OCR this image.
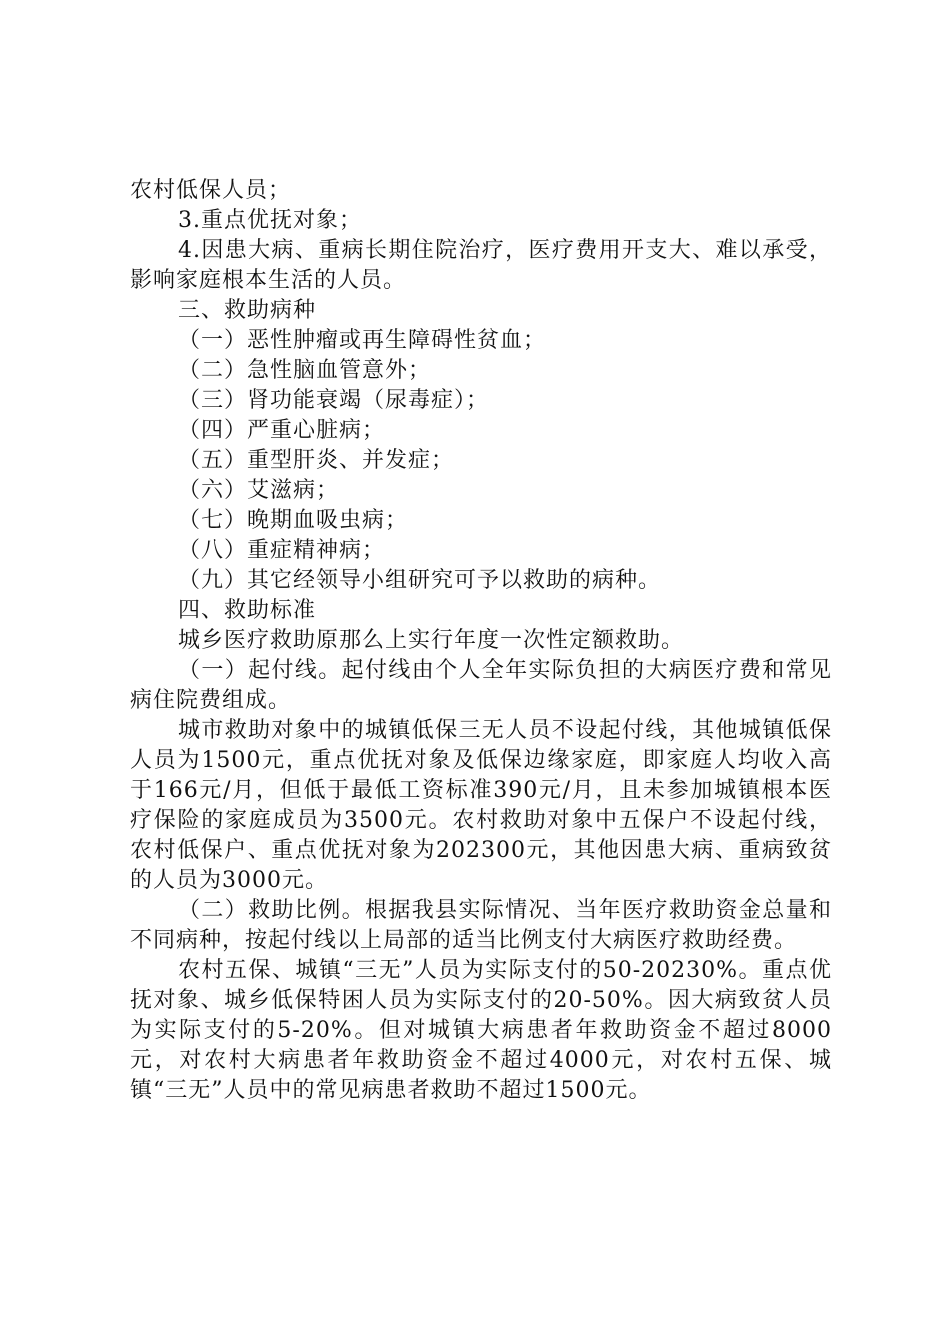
农村低保人员；

3.重点优抚对象；

4.因患大病、重病长期住院治疗，医疗费用开支大、难以承受，影响家庭根本生活的人员。

三、救助病种

（一）恶性肿瘤或再生障碍性贫血；

（二）急性脑血管意外；

（三）肾功能衰竭（尿毒症）；

（四）严重心脏病；

（五）重型肝炎、并发症；

（六）艾滋病；

（七）晚期血吸虫病；

（八）重症精神病；

（九）其它经领导小组研究可予以救助的病种。

四、救助标准

城乡医疗救助原那么上实行年度一次性定额救助。

（一）起付线。起付线由个人全年实际负担的大病医疗费和常见病住院费组成。

城市救助对象中的城镇低保三无人员不设起付线，其他城镇低保人员为1500元，重点优抚对象及低保边缘家庭，即家庭人均收入高于166元/月，但低于最低工资标准390元/月，且未参加城镇根本医疗保险的家庭成员为3500元。农村救助对象中五保户不设起付线，农村低保户、重点优抚对象为202300元，其他因患大病、重病致贫的人员为3000元。

（二）救助比例。根据我县实际情况、当年医疗救助资金总量和不同病种，按起付线以上局部的适当比例支付大病医疗救助经费。

农村五保、城镇“三无”人员为实际支付的50-20230%。重点优抚对象、城乡低保特困人员为实际支付的20-50%。因大病致贫人员为实际支付的5-20%。但对城镇大病患者年救助资金不超过8000元，对农村大病患者年救助资金不超过4000元，对农村五保、城镇“三无”人员中的常见病患者救助不超过1500元。
